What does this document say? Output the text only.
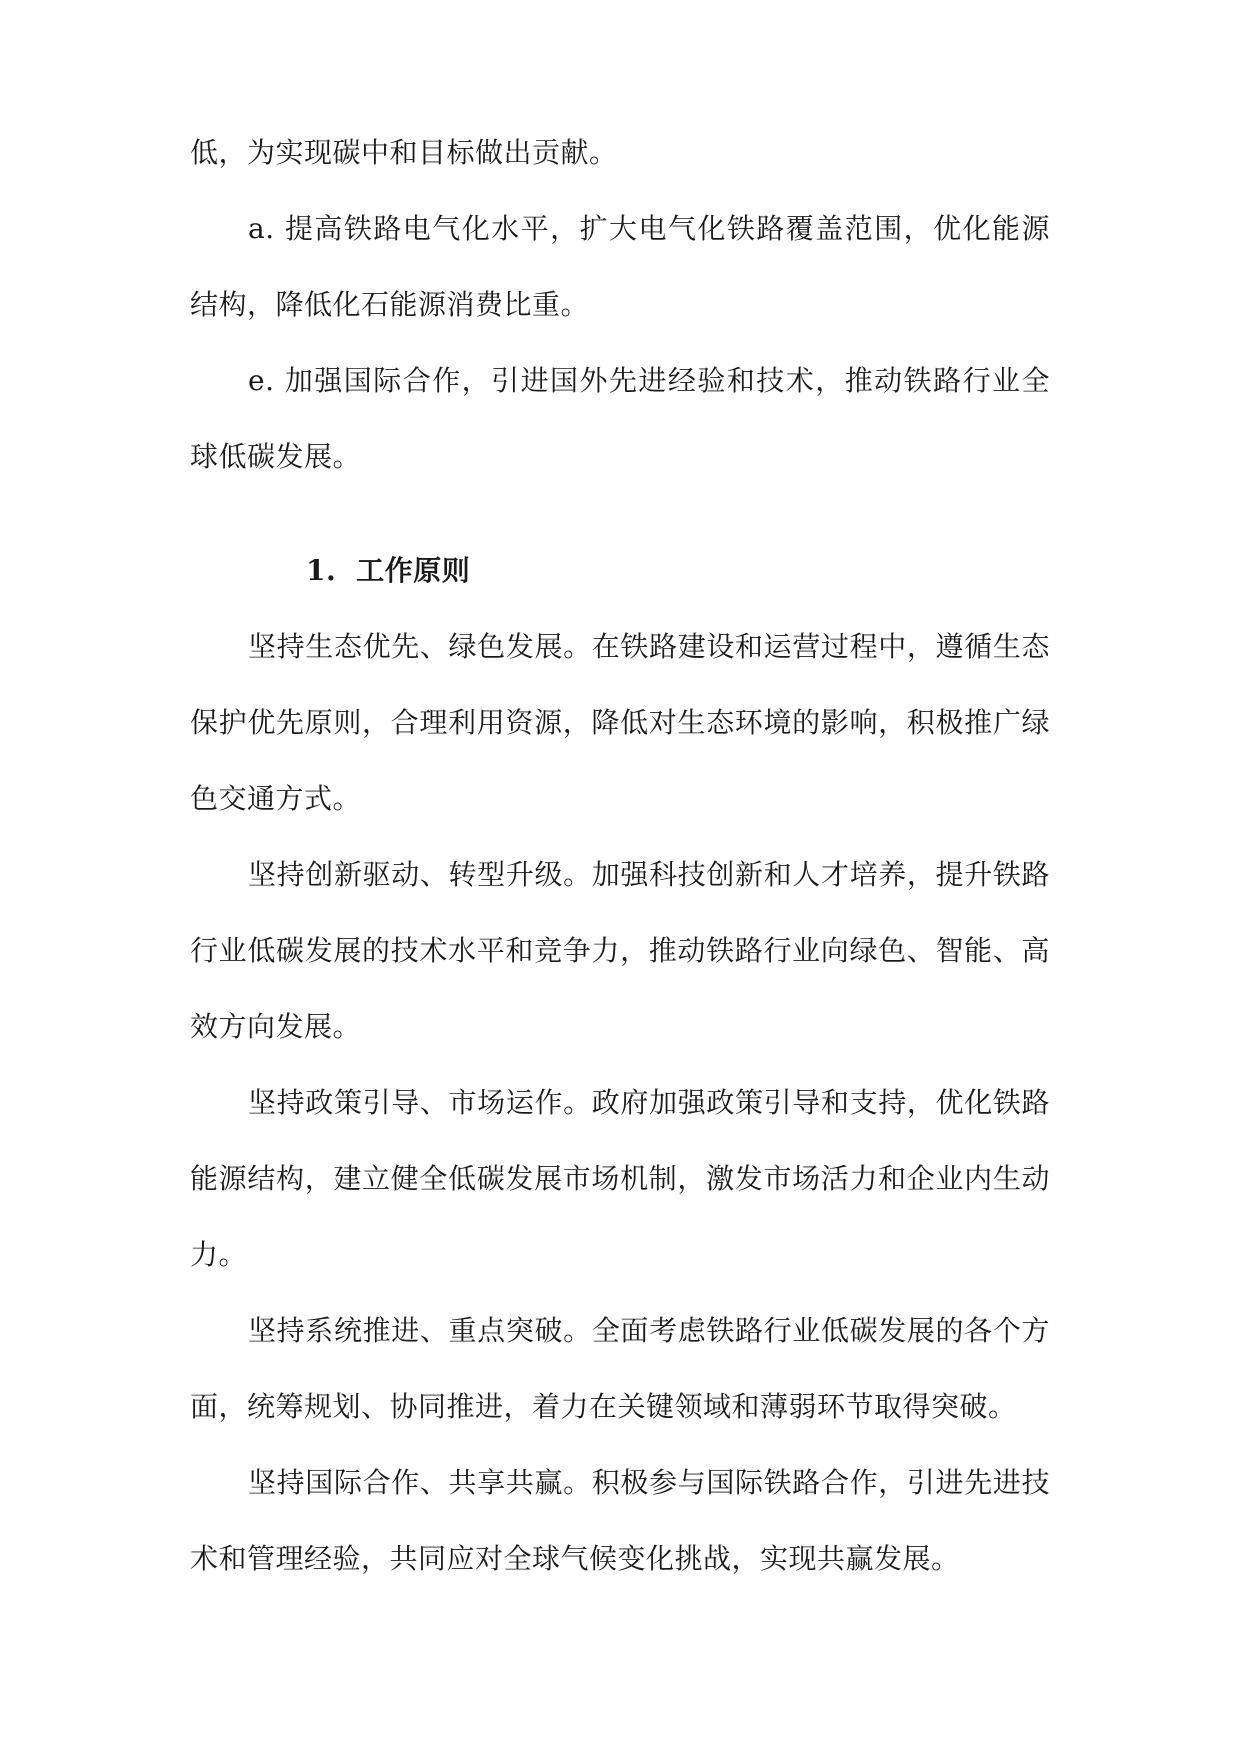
低，为实现碳中和目标做出贡献。

a. 提高铁路电气化水平，扩大电气化铁路覆盖范围，优化能源结构，降低化石能源消费比重。

e. 加强国际合作，引进国外先进经验和技术，推动铁路行业全球低碳发展。

1. 工作原则

坚持生态优先、绿色发展。在铁路建设和运营过程中，遵循生态保护优先原则，合理利用资源，降低对生态环境的影响，积极推广绿色交通方式。

坚持创新驱动、转型升级。加强科技创新和人才培养，提升铁路行业低碳发展的技术水平和竞争力，推动铁路行业向绿色、智能、高效方向发展。

坚持政策引导、市场运作。政府加强政策引导和支持，优化铁路能源结构，建立健全低碳发展市场机制，激发市场活力和企业内生动力。

坚持系统推进、重点突破。全面考虑铁路行业低碳发展的各个方面，统筹规划、协同推进，着力在关键领域和薄弱环节取得突破。

坚持国际合作、共享共赢。积极参与国际铁路合作，引进先进技术和管理经验，共同应对全球气候变化挑战，实现共赢发展。
